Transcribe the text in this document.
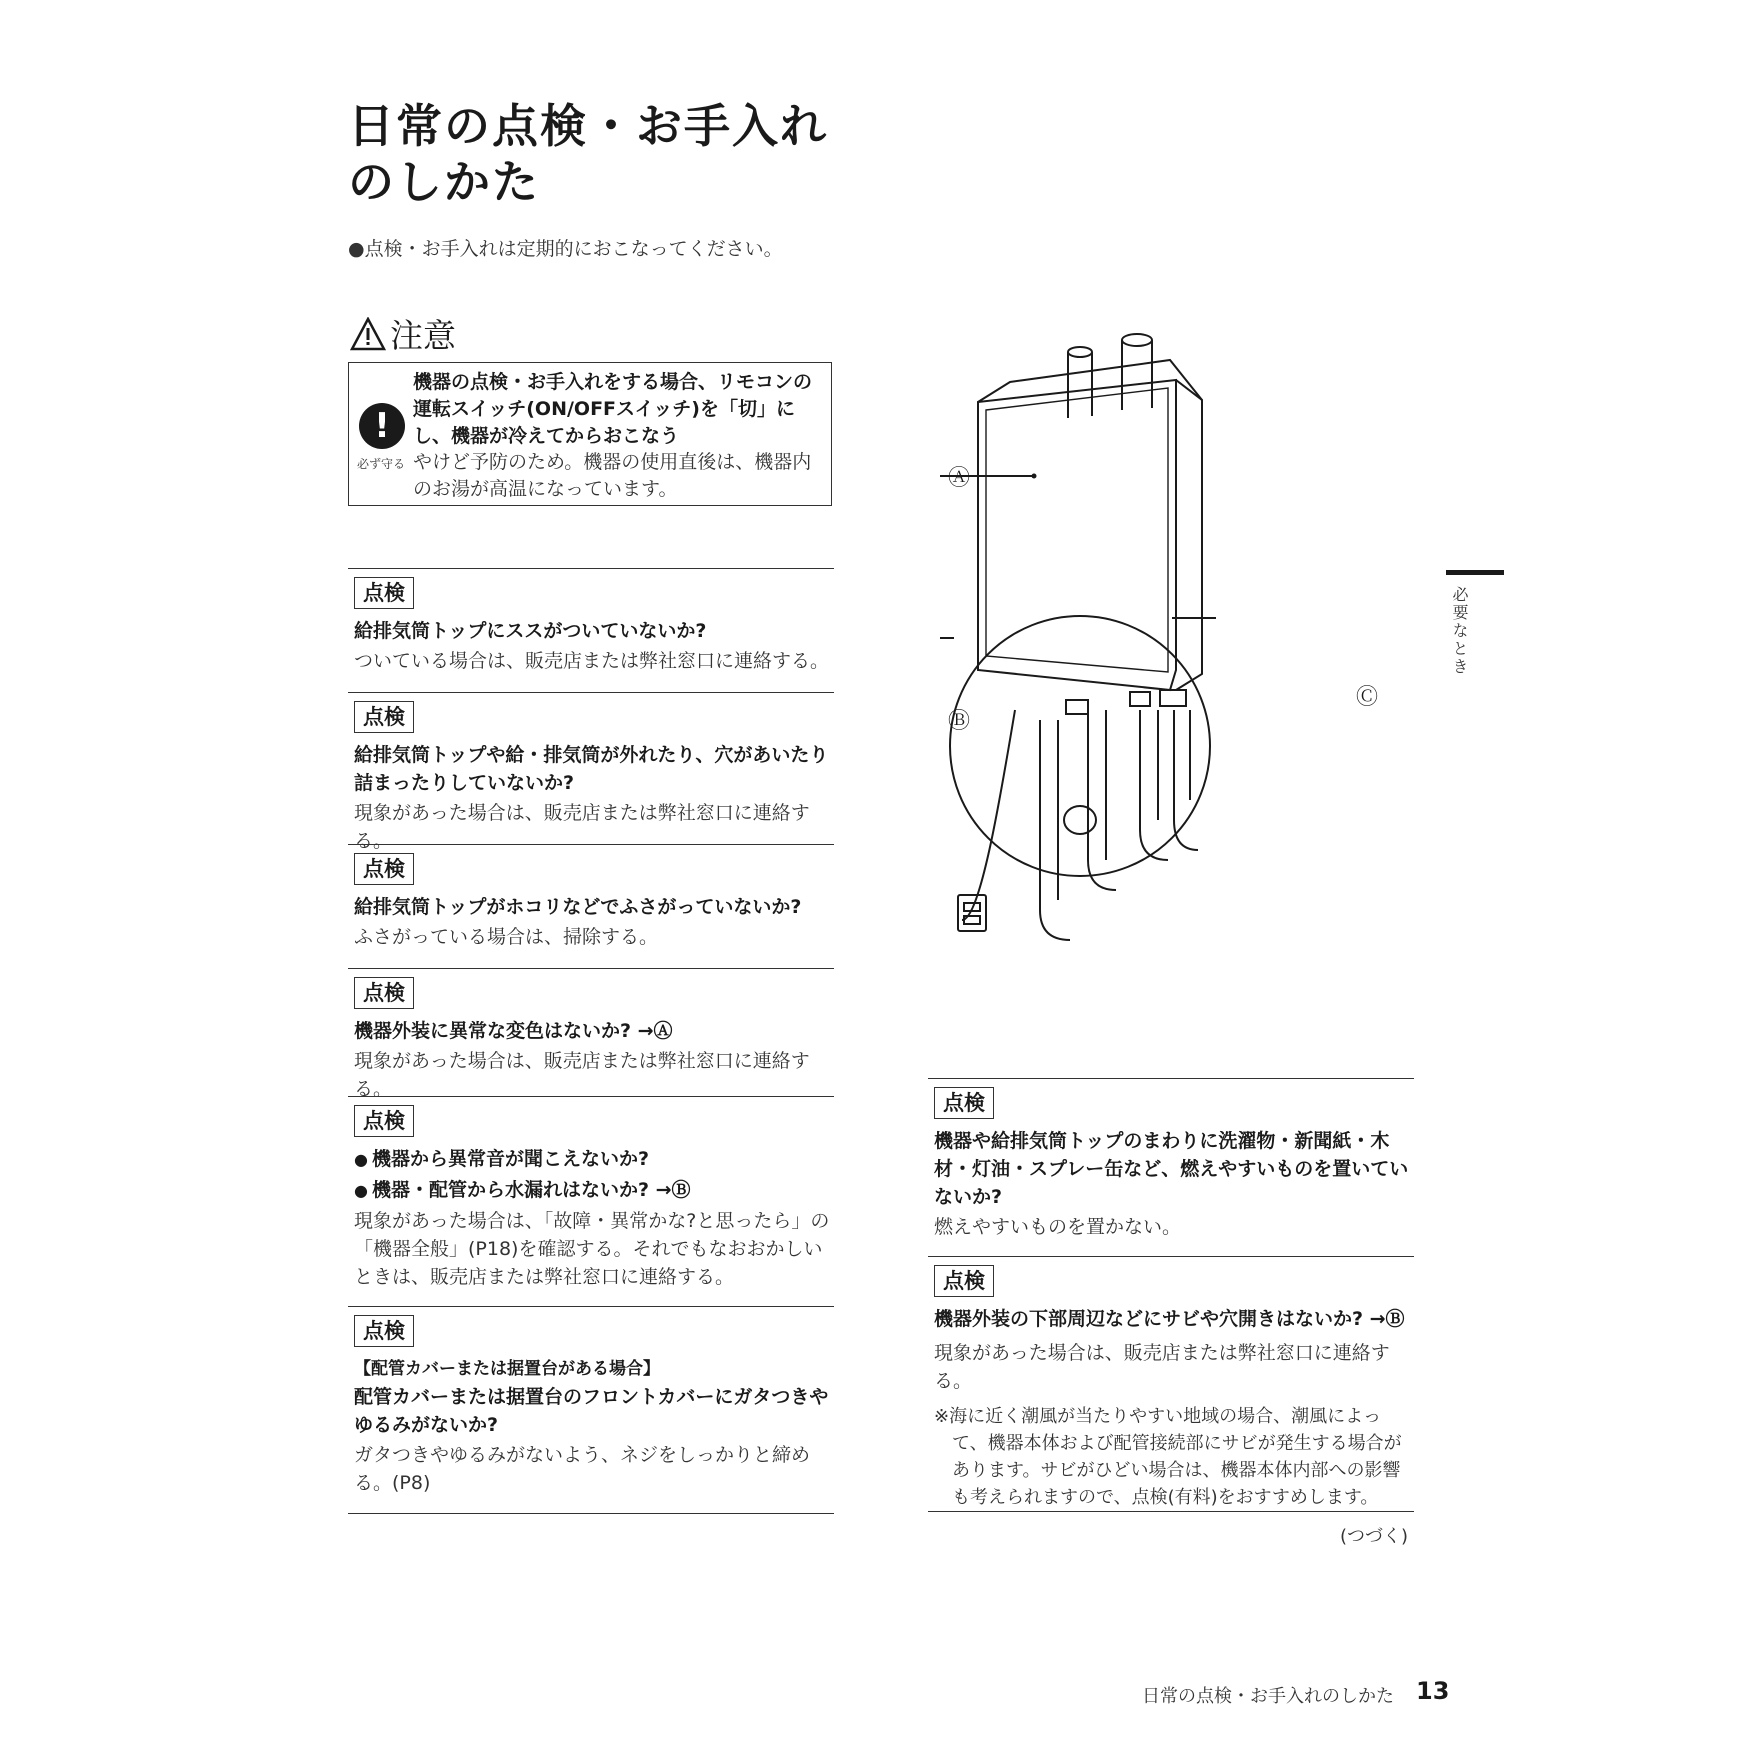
日常の点検・お手入れのしかた
●点検・お手入れは定期的におこなってください。
注意
!
必ず守る
機器の点検・お手入れをする場合、リモコンの運転スイッチ(ON/OFFスイッチ)を「切」にし、機器が冷えてからおこなう
やけど予防のため。機器の使用直後は、機器内のお湯が高温になっています。
点検
給排気筒トップにススがついていないか?
ついている場合は、販売店または弊社窓口に連絡する。
点検
給排気筒トップや給・排気筒が外れたり、穴があいたり詰まったりしていないか?
現象があった場合は、販売店または弊社窓口に連絡する。
点検
給排気筒トップがホコリなどでふさがっていないか?
ふさがっている場合は、掃除する。
点検
機器外装に異常な変色はないか? →Ⓐ
現象があった場合は、販売店または弊社窓口に連絡する。
点検
● 機器から異常音が聞こえないか?
● 機器・配管から水漏れはないか? →Ⓑ
現象があった場合は、「故障・異常かな?と思ったら」の「機器全般」(P18)を確認する。それでもなおおかしいときは、販売店または弊社窓口に連絡する。
点検
【配管カバーまたは据置台がある場合】
配管カバーまたは据置台のフロントカバーにガタつきやゆるみがないか?
ガタつきやゆるみがないよう、ネジをしっかりと締める。(P8)
Ⓐ
Ⓑ
Ⓒ
点検
機器や給排気筒トップのまわりに洗濯物・新聞紙・木材・灯油・スプレー缶など、燃えやすいものを置いていないか?
燃えやすいものを置かない。
点検
機器外装の下部周辺などにサビや穴開きはないか? →Ⓑ
現象があった場合は、販売店または弊社窓口に連絡する。
※海に近く潮風が当たりやすい地域の場合、潮風によって、機器本体および配管接続部にサビが発生する場合があります。サビがひどい場合は、機器本体内部への影響も考えられますので、点検(有料)をおすすめします。
(つづく)
必要なとき
日常の点検・お手入れのしかた 13
